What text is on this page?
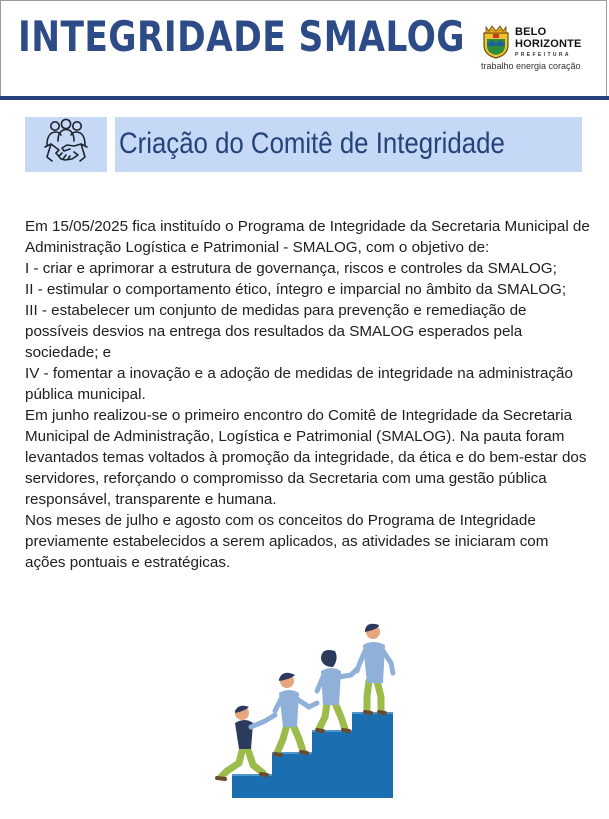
INTEGRIDADE SMALOG	BELO
HORIZONTE
PREFEITURA
trabalho energia coração
Criação do Comitê de Integridade

Em 15/05/2025 fica instituído o Programa de Integridade da Secretaria Municipal de Administração Logística e Patrimonial - SMALOG, com o objetivo de:

I - criar e aprimorar a estrutura de governança, riscos e controles da SMALOG;

II - estimular o comportamento ético, íntegro e imparcial no âmbito da SMALOG;

III - estabelecer um conjunto de medidas para prevenção e remediação de possíveis desvios na entrega dos resultados da SMALOG esperados pela sociedade; e

IV - fomentar a inovação e a adoção de medidas de integridade na administração pública municipal.

Em junho realizou-se o primeiro encontro do Comitê de Integridade da Secretaria Municipal de Administração, Logística e Patrimonial (SMALOG). Na pauta foram levantados temas voltados à promoção da integridade, da ética e do bem-estar dos servidores, reforçando o compromisso da Secretaria com uma gestão pública responsável, transparente e humana.

Nos meses de julho e agosto com os conceitos do Programa de Integridade previamente estabelecidos a serem aplicados, as atividades se iniciaram com ações pontuais e estratégicas.
